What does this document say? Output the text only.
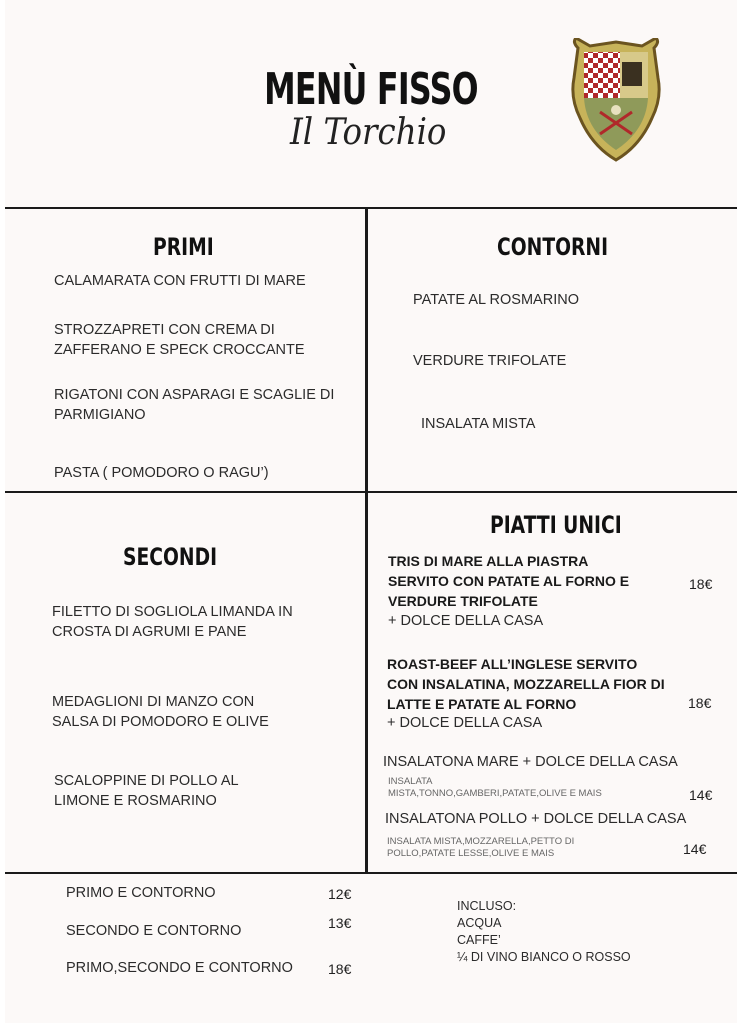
MENÙ FISSO
Il Torchio
PRIMI
CALAMARATA CON FRUTTI DI MARE
STROZZAPRETI CON CREMA DI
ZAFFERANO E SPECK CROCCANTE
RIGATONI CON ASPARAGI E SCAGLIE DI
PARMIGIANO
PASTA ( POMODORO O RAGU’)
CONTORNI
PATATE AL ROSMARINO
VERDURE TRIFOLATE
INSALATA MISTA
SECONDI
FILETTO DI SOGLIOLA LIMANDA IN
CROSTA DI AGRUMI E PANE
MEDAGLIONI DI MANZO CON
SALSA DI POMODORO E OLIVE
SCALOPPINE DI POLLO AL
LIMONE E ROSMARINO
PIATTI UNICI
TRIS DI MARE ALLA PIASTRA
SERVITO CON PATATE AL FORNO E
VERDURE TRIFOLATE
+ DOLCE DELLA CASA
18€
ROAST-BEEF ALL’INGLESE SERVITO
CON INSALATINA, MOZZARELLA FIOR DI
LATTE E PATATE AL FORNO
+ DOLCE DELLA CASA
18€
INSALATONA MARE + DOLCE DELLA CASA
INSALATA
MISTA,TONNO,GAMBERI,PATATE,OLIVE E MAIS	14€
INSALATONA POLLO + DOLCE DELLA CASA
INSALATA MISTA,MOZZARELLA,PETTO DI
POLLO,PATATE LESSE,OLIVE E MAIS	14€
PRIMO E CONTORNO	12€
SECONDO E CONTORNO	13€
PRIMO,SECONDO E CONTORNO	18€
INCLUSO:
ACQUA
CAFFE’
¼ DI VINO BIANCO O ROSSO
